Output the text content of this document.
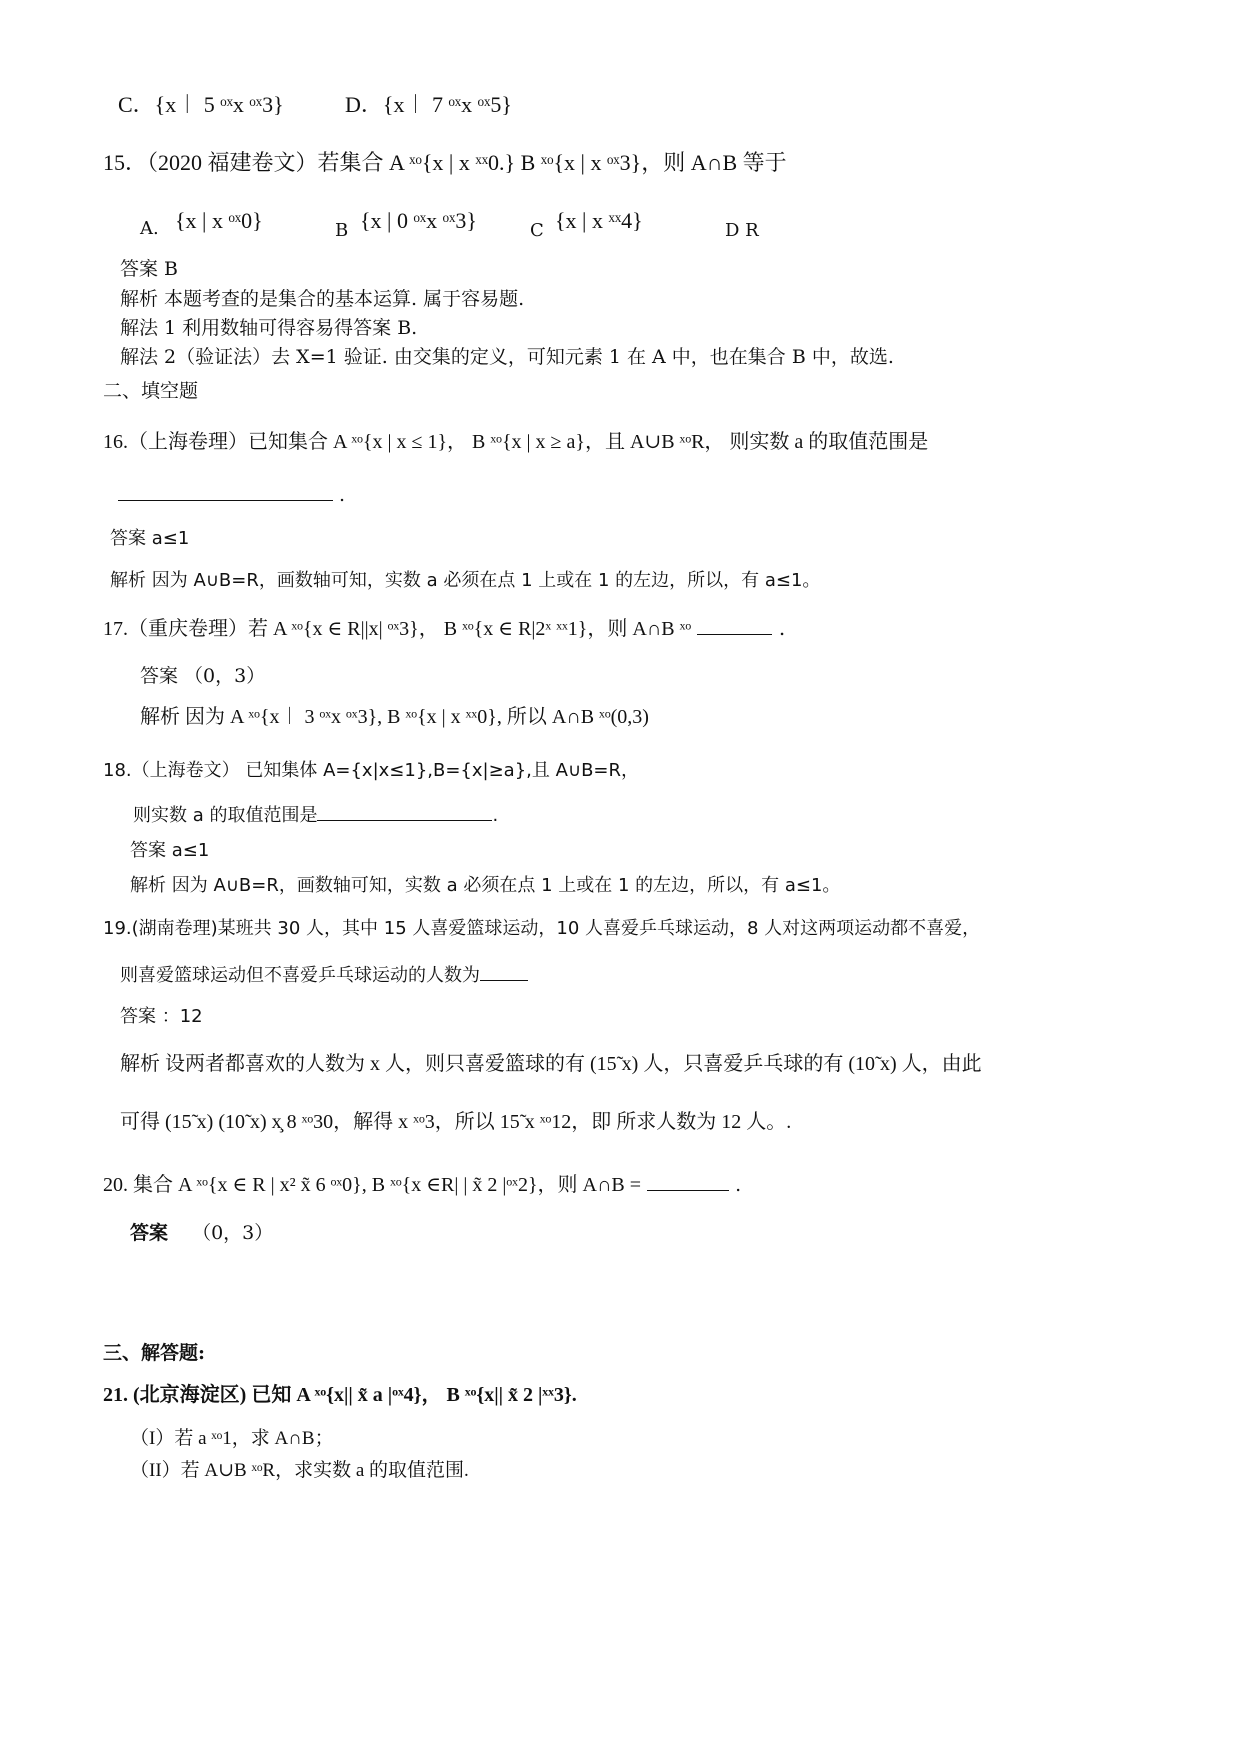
C．{x︱ 5 ᵒˣx ᵒˣ3}	D．{x︱ 7 ᵒˣx ᵒˣ5}
15．（2020 福建卷文）若集合 A ˣᵒ{x | x ˣˣ0.} B ˣᵒ{x | x ᵒˣ3}，则 A∩B 等于
A. {x | x ᵒˣ0}	B {x | 0 ᵒˣx ᵒˣ3}	C {x | x ˣˣ4}	D R
答案 B
解析 本题考查的是集合的基本运算. 属于容易题.
解法 1 利用数轴可得容易得答案 B.
解法 2（验证法）去 X=1 验证. 由交集的定义，可知元素 1 在 A 中，也在集合 B 中，故选.
二、填空题
16.（上海卷理）已知集合 A ˣᵒ{x | x ≤ 1}， B ˣᵒ{x | x ≥ a}，且 A∪B ˣᵒR， 则实数 a 的取值范围是
.
答案 a≤1
解析 因为 A∪B=R，画数轴可知，实数 a 必须在点 1 上或在 1 的左边，所以，有 a≤1。
17.（重庆卷理）若 A ˣᵒ{x ∈ R||x| ᵒˣ3}， B ˣᵒ{x ∈ R|2ˣ ˣˣ1}，则 A∩B ˣᵒ	.
答案 （0，3）
解析 因为 A ˣᵒ{x︱ 3 ᵒˣx ᵒˣ3}, B ˣᵒ{x | x ˣˣ0}, 所以 A∩B ˣᵒ(0,3)
18.（上海卷文） 已知集体 A={x|x≤1},B={x|≥a},且 A∪B=R，
则实数 a 的取值范围是	.
答案 a≤1
解析 因为 A∪B=R，画数轴可知，实数 a 必须在点 1 上或在 1 的左边，所以，有 a≤1。
19.(湖南卷理)某班共 30 人，其中 15 人喜爱篮球运动，10 人喜爱乒乓球运动，8 人对这两项运动都不喜爱，
则喜爱篮球运动但不喜爱乒乓球运动的人数为
答案 ：12
解析 设两者都喜欢的人数为 x 人，则只喜爱篮球的有 (15̃ x) 人，只喜爱乒乓球的有 (10̃ x) 人，由此
可得 (15̃ x) (10̃ x) x̧ 8 ˣᵒ30，解得 x ˣᵒ3，所以 15̃ x ˣᵒ12，即 所求人数为 12 人。.
20. 集合 A ˣᵒ{x ∈ R | x² x̃ 6 ᵒˣ0}, B ˣᵒ{x ∈R| | x̃ 2 |ᵒˣ2}，则 A∩B =	.
答案 （0，3）
三、解答题:
21. (北京海淀区) 已知 A ˣᵒ{x|| x̃ a |ᵒˣ4}， B ˣᵒ{x|| x̃ 2 |ˣˣ3}.
（I）若 a ˣᵒ1，求 A∩B；
（II）若 A∪B ˣᵒR，求实数 a 的取值范围.
